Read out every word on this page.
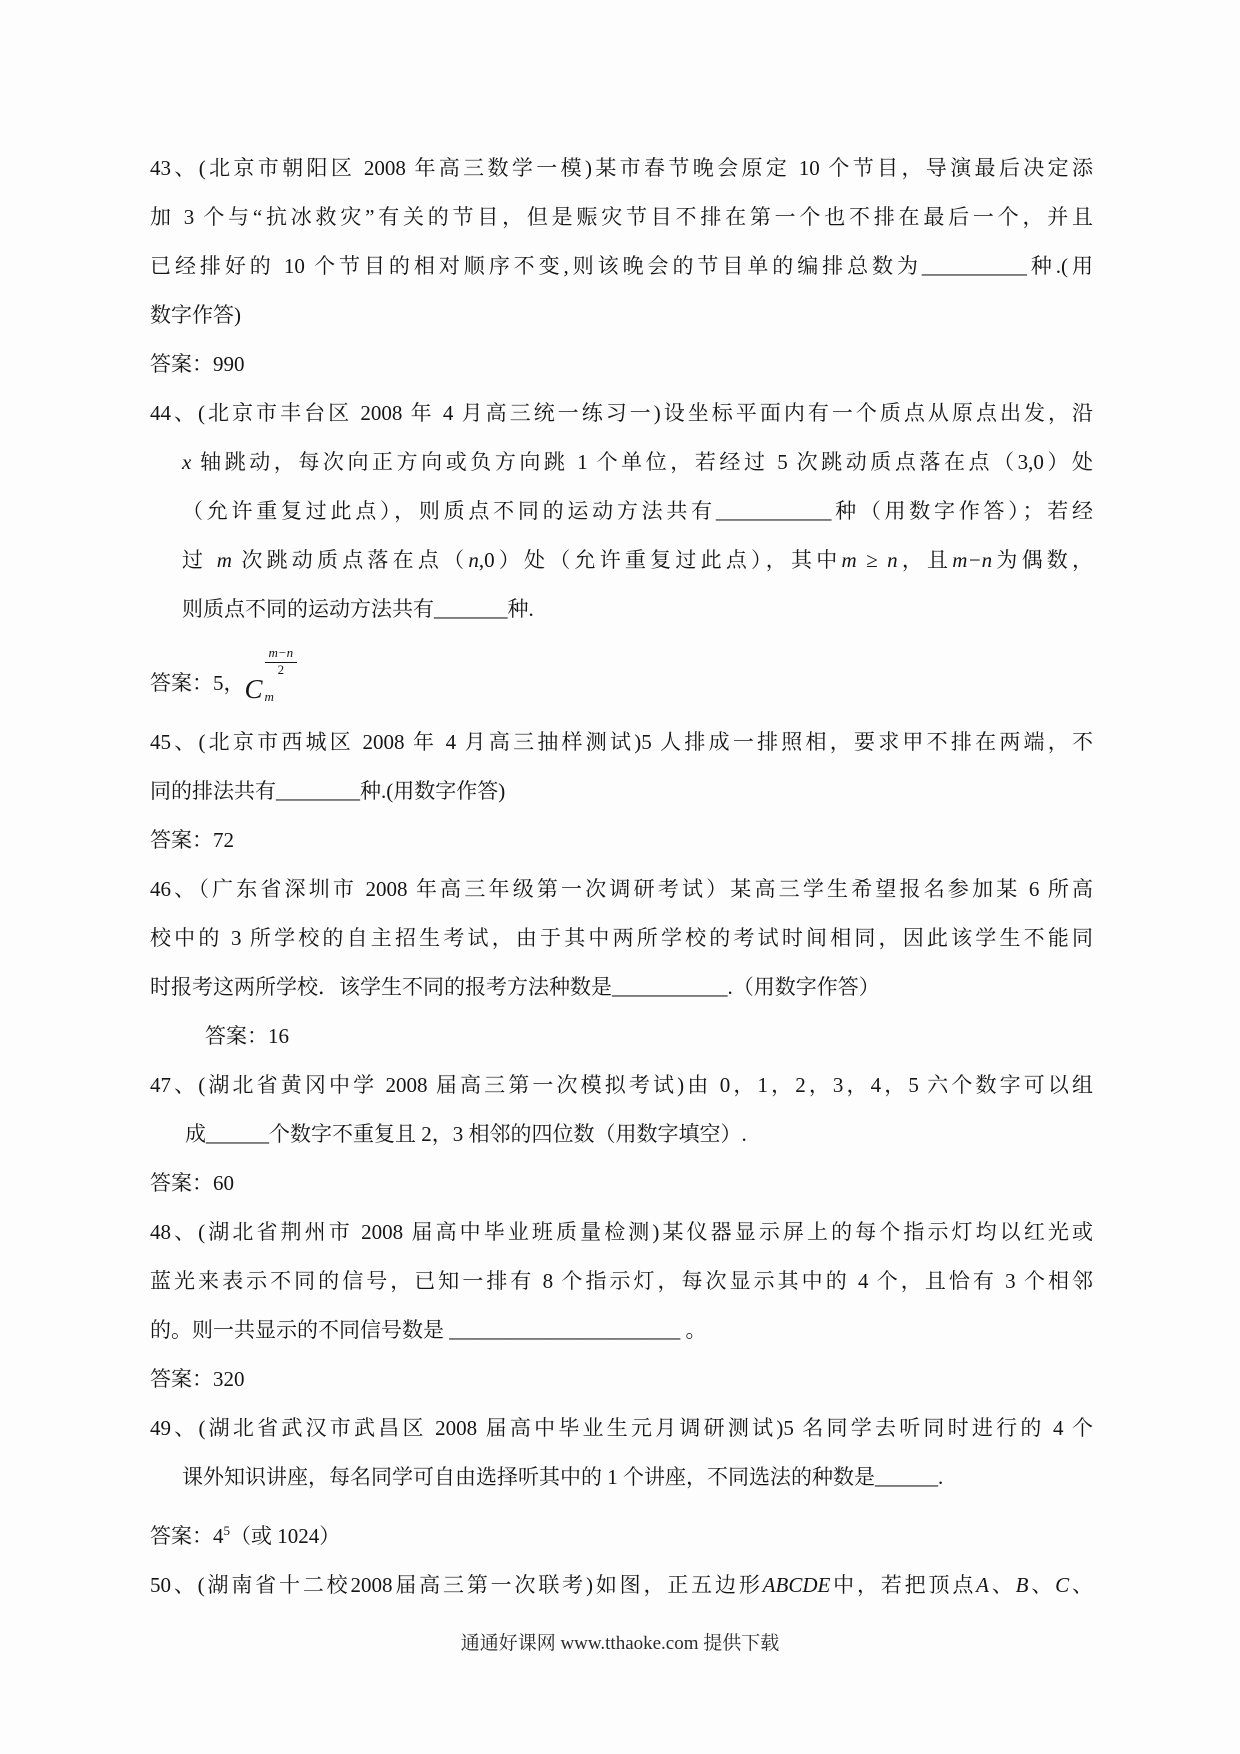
43、(北京市朝阳区 2008 年高三数学一模)某市春节晚会原定 10 个节目，导演最后决定添
加 3 个与“抗冰救灾”有关的节目，但是赈灾节目不排在第一个也不排在最后一个，并且
已经排好的 10 个节目的相对顺序不变,则该晚会的节目单的编排总数为__________种.(用
数字作答)
答案：990
44、(北京市丰台区 2008 年 4 月高三统一练习一)设坐标平面内有一个质点从原点出发，沿
x 轴跳动，每次向正方向或负方向跳 1 个单位，若经过 5 次跳动质点落在点（3,0）处
（允许重复过此点），则质点不同的运动方法共有___________种（用数字作答）；若经
过 m 次跳动质点落在点（n,0）处（允许重复过此点），其中m ≥ n，且m−n为偶数，
则质点不同的运动方法共有_______种.
答案：5， C
m−n
2
m
45、(北京市西城区 2008 年 4 月高三抽样测试)5 人排成一排照相，要求甲不排在两端，不
同的排法共有________种.(用数字作答)
答案：72
46、（广东省深圳市 2008 年高三年级第一次调研考试）某高三学生希望报名参加某 6 所高
校中的 3 所学校的自主招生考试，由于其中两所学校的考试时间相同，因此该学生不能同
时报考这两所学校．该学生不同的报考方法种数是___________.（用数字作答）
答案：16
47、(湖北省黄冈中学 2008 届高三第一次模拟考试)由 0，1，2，3，4，5 六个数字可以组
成______个数字不重复且 2，3 相邻的四位数（用数字填空）.
答案：60
48、(湖北省荆州市 2008 届高中毕业班质量检测)某仪器显示屏上的每个指示灯均以红光或
蓝光来表示不同的信号，已知一排有 8 个指示灯，每次显示其中的 4 个，且恰有 3 个相邻
的。则一共显示的不同信号数是 ______________________ 。
答案：320
49、(湖北省武汉市武昌区 2008 届高中毕业生元月调研测试)5 名同学去听同时进行的 4 个
课外知识讲座，每名同学可自由选择听其中的 1 个讲座，不同选法的种数是______.
答案：$4^5$（或 1024）
50、(湖南省十二校2008届高三第一次联考)如图，正五边形ABCDE中，若把顶点A、B、C、
通通好课网 www.tthaoke.com 提供下载
